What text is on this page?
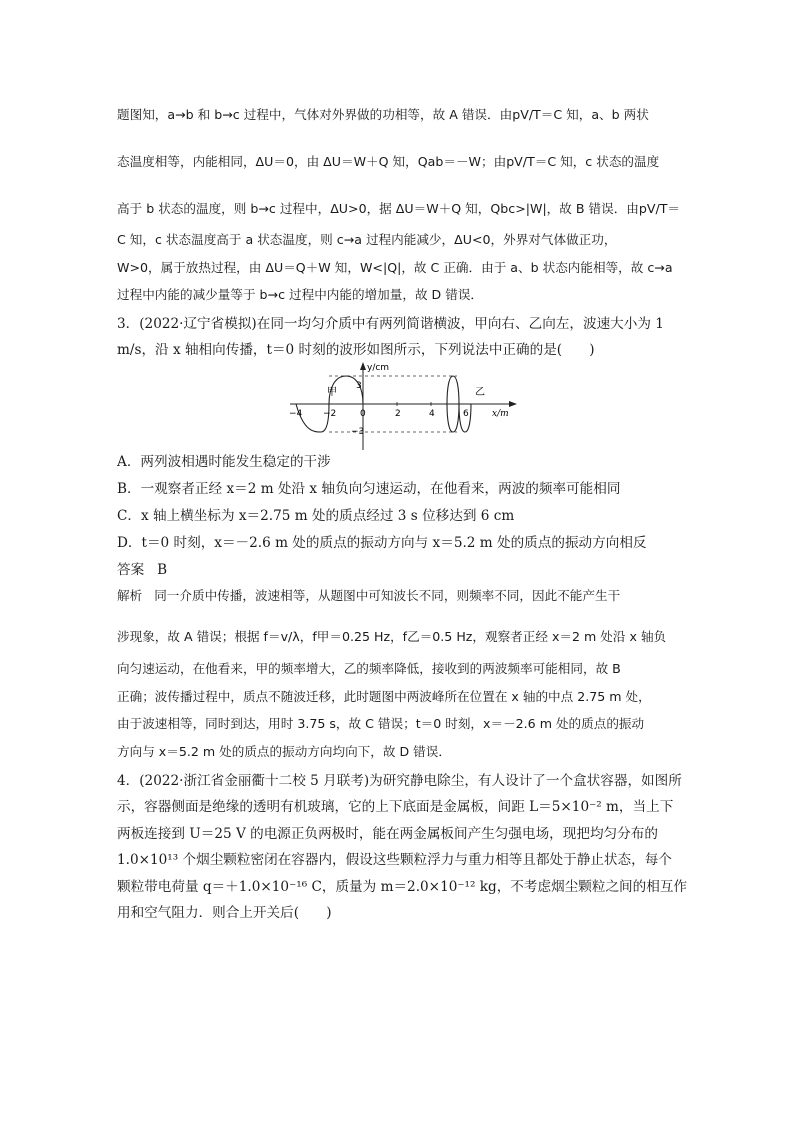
题图知，a→b 和 b→c 过程中，气体对外界做的功相等，故 A 错误．由pV/T＝C 知，a、b 两状
态温度相等，内能相同，ΔU＝0，由 ΔU＝W＋Q 知，Qab＝－W；由pV/T＝C 知，c 状态的温度
高于 b 状态的温度，则 b→c 过程中，ΔU>0，据 ΔU＝W＋Q 知，Qbc>|W|，故 B 错误．由pV/T＝
C 知，c 状态温度高于 a 状态温度，则 c→a 过程内能减少，ΔU<0，外界对气体做正功，
W>0，属于放热过程，由 ΔU＝Q＋W 知，W<|Q|，故 C 正确．由于 a、b 状态内能相等，故 c→a
过程中内能的减少量等于 b→c 过程中内能的增加量，故 D 错误．
3．(2022·辽宁省模拟)在同一均匀介质中有两列简谐横波，甲向右、乙向左，波速大小为 1
m/s，沿 x 轴相向传播，t＝0 时刻的波形如图所示，下列说法中正确的是(　　)
A．两列波相遇时能发生稳定的干涉
B．一观察者正经 x＝2 m 处沿 x 轴负向匀速运动，在他看来，两波的频率可能相同
C．x 轴上横坐标为 x＝2.75 m 处的质点经过 3 s 位移达到 6 cm
D．t＝0 时刻，x＝－2.6 m 处的质点的振动方向与 x＝5.2 m 处的质点的振动方向相反
答案 B
解析 同一介质中传播，波速相等，从题图中可知波长不同，则频率不同，因此不能产生干
涉现象，故 A 错误；根据 f＝v/λ，f甲＝0.25 Hz，f乙＝0.5 Hz，观察者正经 x＝2 m 处沿 x 轴负
向匀速运动，在他看来，甲的频率增大，乙的频率降低，接收到的两波频率可能相同，故 B
正确；波传播过程中，质点不随波迁移，此时题图中两波峰所在位置在 x 轴的中点 2.75 m 处，
由于波速相等，同时到达，用时 3.75 s，故 C 错误；t＝0 时刻，x＝－2.6 m 处的质点的振动
方向与 x＝5.2 m 处的质点的振动方向均向下，故 D 错误．
4．(2022·浙江省金丽衢十二校 5 月联考)为研究静电除尘，有人设计了一个盒状容器，如图所
示，容器侧面是绝缘的透明有机玻璃，它的上下底面是金属板，间距 L＝5×10⁻² m，当上下
两板连接到 U＝25 V 的电源正负两极时，能在两金属板间产生匀强电场，现把均匀分布的
1.0×10¹³ 个烟尘颗粒密闭在容器内，假设这些颗粒浮力与重力相等且都处于静止状态，每个
颗粒带电荷量 q＝＋1.0×10⁻¹⁶ C，质量为 m＝2.0×10⁻¹² kg，不考虑烟尘颗粒之间的相互作
用和空气阻力．则合上开关后(　　)
y/cm
x/m
甲	乙
3
−3
−4 −2	0	2	4	6
